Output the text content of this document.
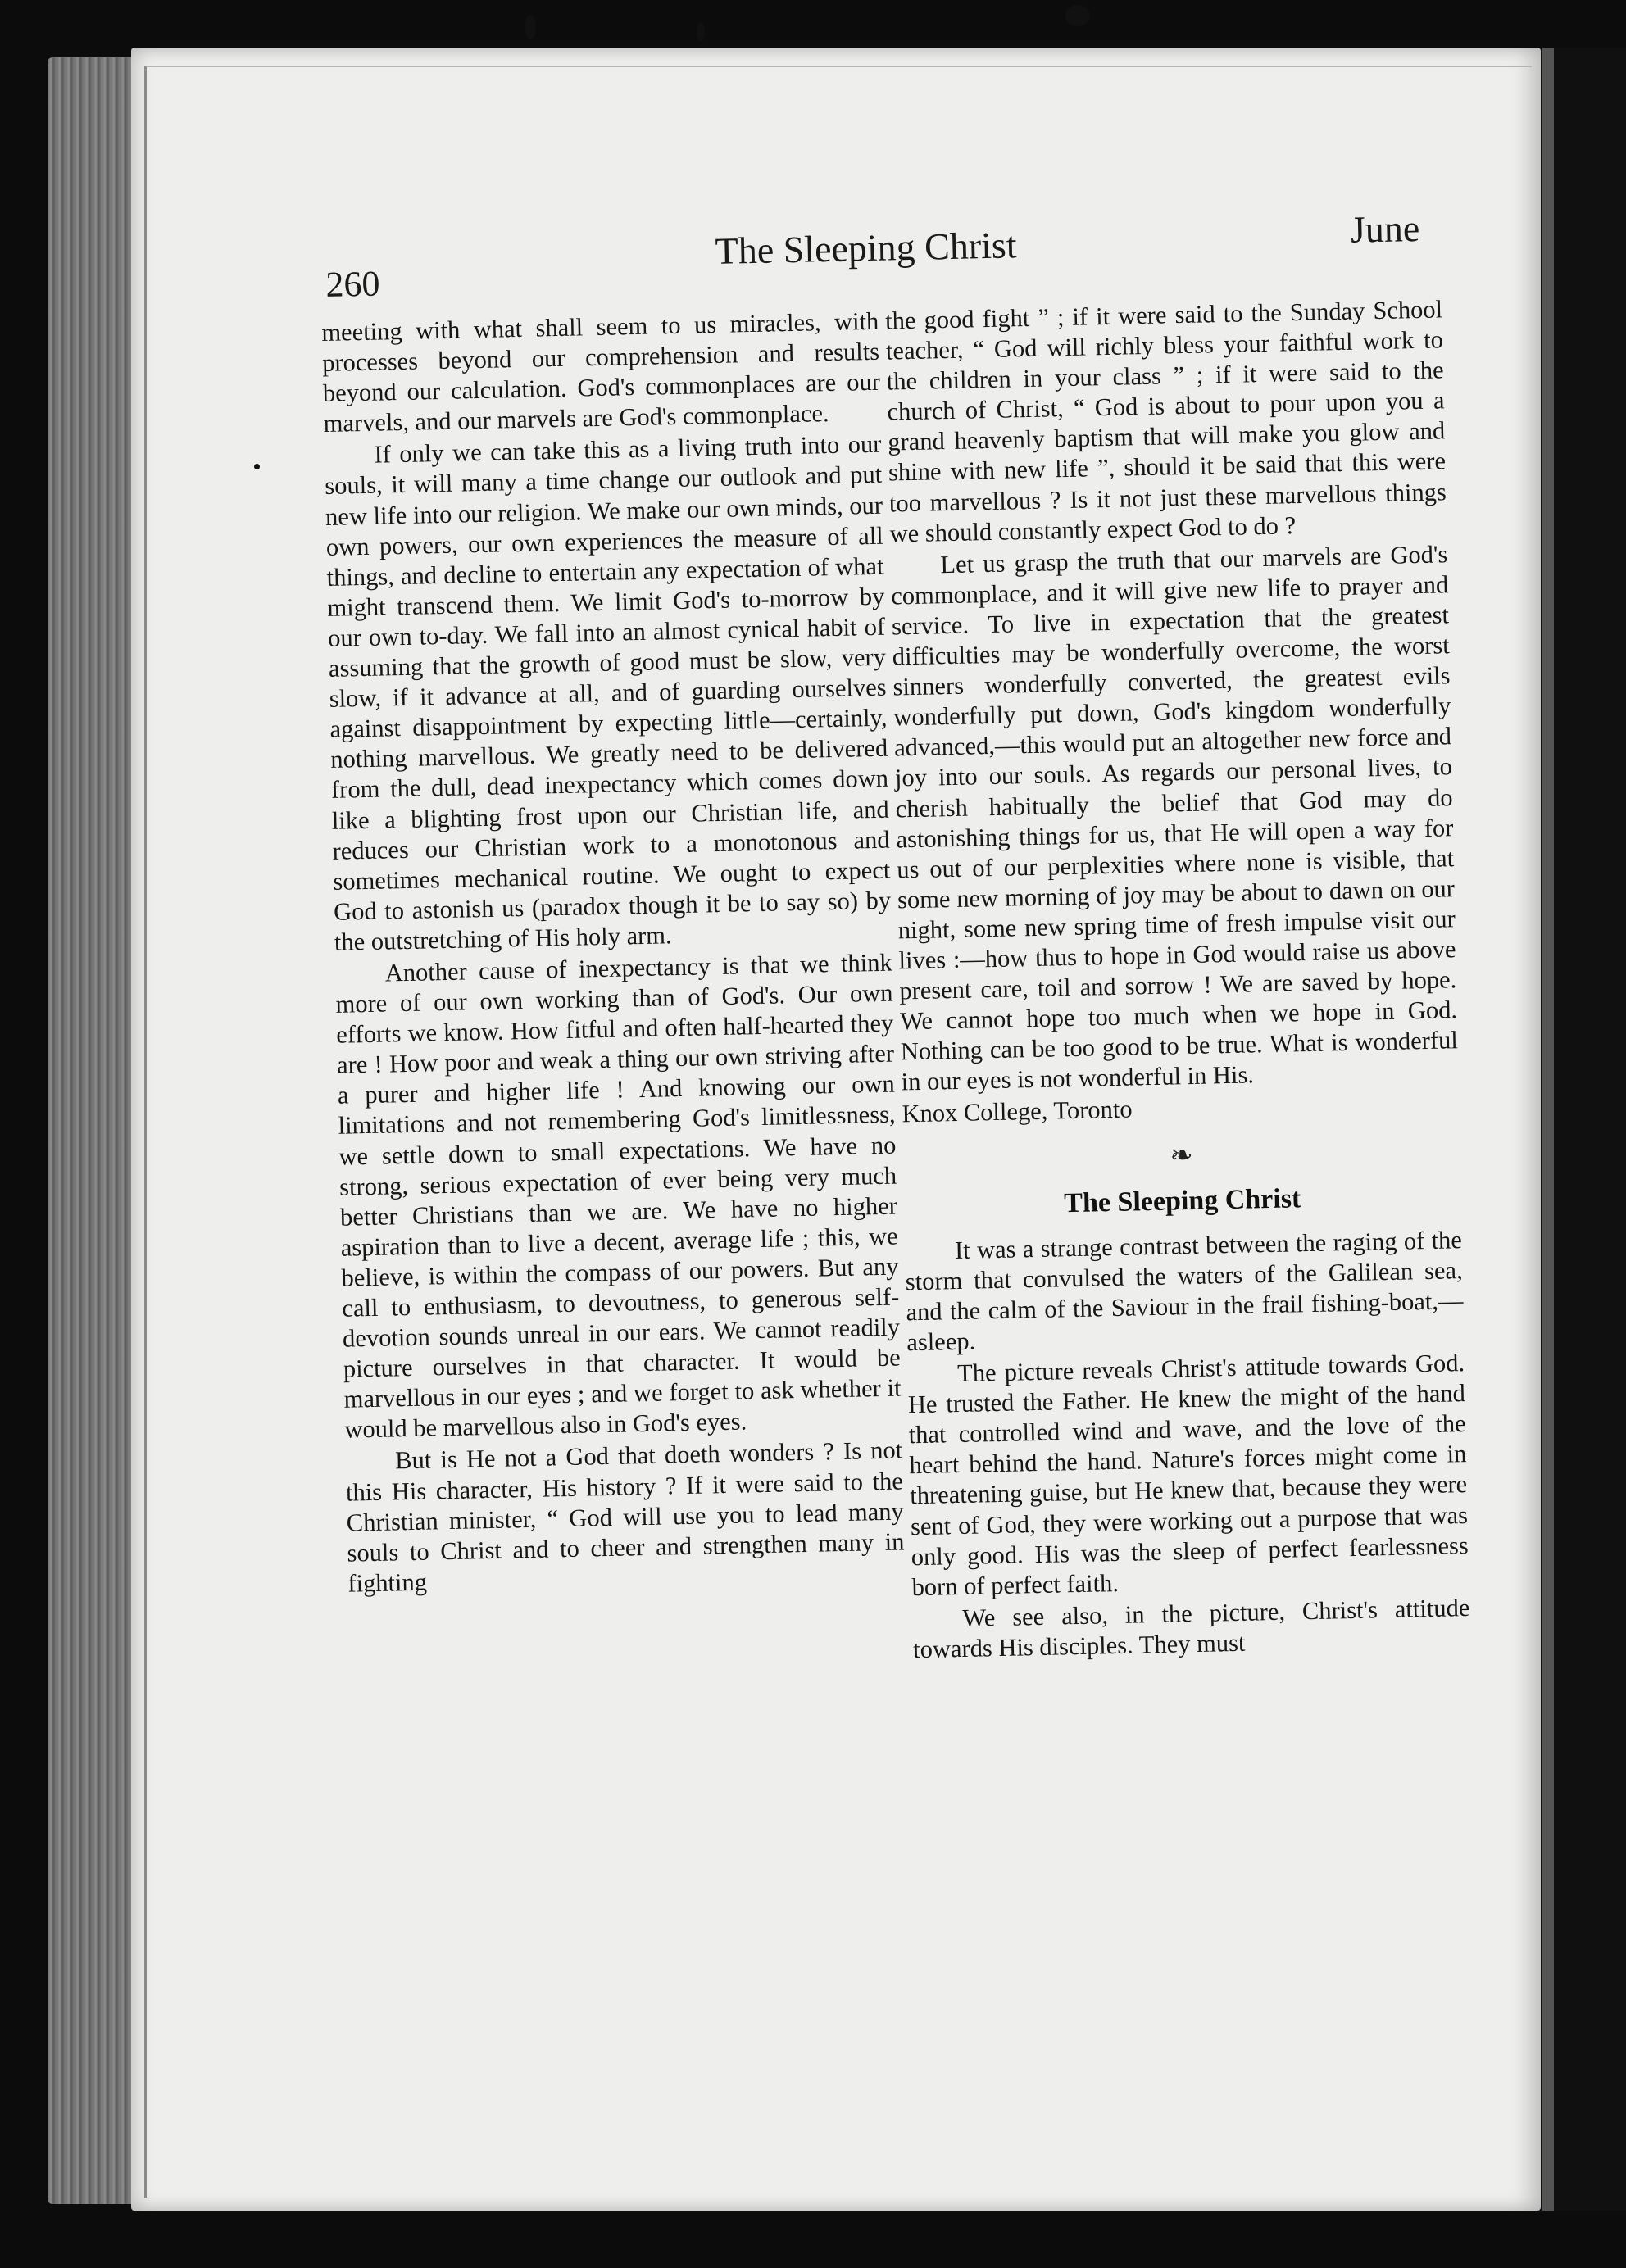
260
The Sleeping Christ	June

meeting with what shall seem to us miracles, with processes beyond our comprehension and results beyond our calculation. God's commonplaces are our marvels, and our marvels are God's commonplace.

If only we can take this as a living truth into our souls, it will many a time change our outlook and put new life into our religion. We make our own minds, our own powers, our own experiences the measure of all things, and decline to entertain any expectation of what might transcend them. We limit God's to-morrow by our own to-day. We fall into an almost cynical habit of assuming that the growth of good must be slow, very slow, if it advance at all, and of guarding ourselves against disappointment by expecting little—certainly, nothing marvellous. We greatly need to be delivered from the dull, dead inexpectancy which comes down like a blighting frost upon our Christian life, and reduces our Christian work to a monotonous and sometimes mechanical routine. We ought to expect God to astonish us (paradox though it be to say so) by the outstretching of His holy arm.

Another cause of inexpectancy is that we think more of our own working than of God's. Our own efforts we know. How fitful and often half-hearted they are ! How poor and weak a thing our own striving after a purer and higher life ! And knowing our own limitations and not remembering God's limitlessness, we settle down to small expectations. We have no strong, serious expectation of ever being very much better Christians than we are. We have no higher aspiration than to live a decent, average life ; this, we believe, is within the compass of our powers. But any call to enthusiasm, to devoutness, to generous self-devotion sounds unreal in our ears. We cannot readily picture ourselves in that character. It would be marvellous in our eyes ; and we forget to ask whether it would be marvellous also in God's eyes.

But is He not a God that doeth wonders ? Is not this His character, His history ? If it were said to the Christian minister, “ God will use you to lead many souls to Christ and to cheer and strengthen many in fighting

the good fight ” ; if it were said to the Sunday School teacher, “ God will richly bless your faithful work to the children in your class ” ; if it were said to the church of Christ, “ God is about to pour upon you a grand heavenly baptism that will make you glow and shine with new life ”, should it be said that this were too marvellous ? Is it not just these marvellous things we should constantly expect God to do ?

Let us grasp the truth that our marvels are God's commonplace, and it will give new life to prayer and service. To live in expectation that the greatest difficulties may be wonderfully overcome, the worst sinners wonderfully converted, the greatest evils wonderfully put down, God's kingdom wonderfully advanced,—this would put an altogether new force and joy into our souls. As regards our personal lives, to cherish habitually the belief that God may do astonishing things for us, that He will open a way for us out of our perplexities where none is visible, that some new morning of joy may be about to dawn on our night, some new spring time of fresh impulse visit our lives :—how thus to hope in God would raise us above present care, toil and sorrow ! We are saved by hope. We cannot hope too much when we hope in God. Nothing can be too good to be true. What is wonderful in our eyes is not wonderful in His.

Knox College, Toronto

❧
The Sleeping Christ

It was a strange contrast between the raging of the storm that convulsed the waters of the Galilean sea, and the calm of the Saviour in the frail fishing-boat,—asleep.

The picture reveals Christ's attitude towards God. He trusted the Father. He knew the might of the hand that controlled wind and wave, and the love of the heart behind the hand. Nature's forces might come in threatening guise, but He knew that, because they were sent of God, they were working out a purpose that was only good. His was the sleep of perfect fearlessness born of perfect faith.

We see also, in the picture, Christ's attitude towards His disciples. They must
